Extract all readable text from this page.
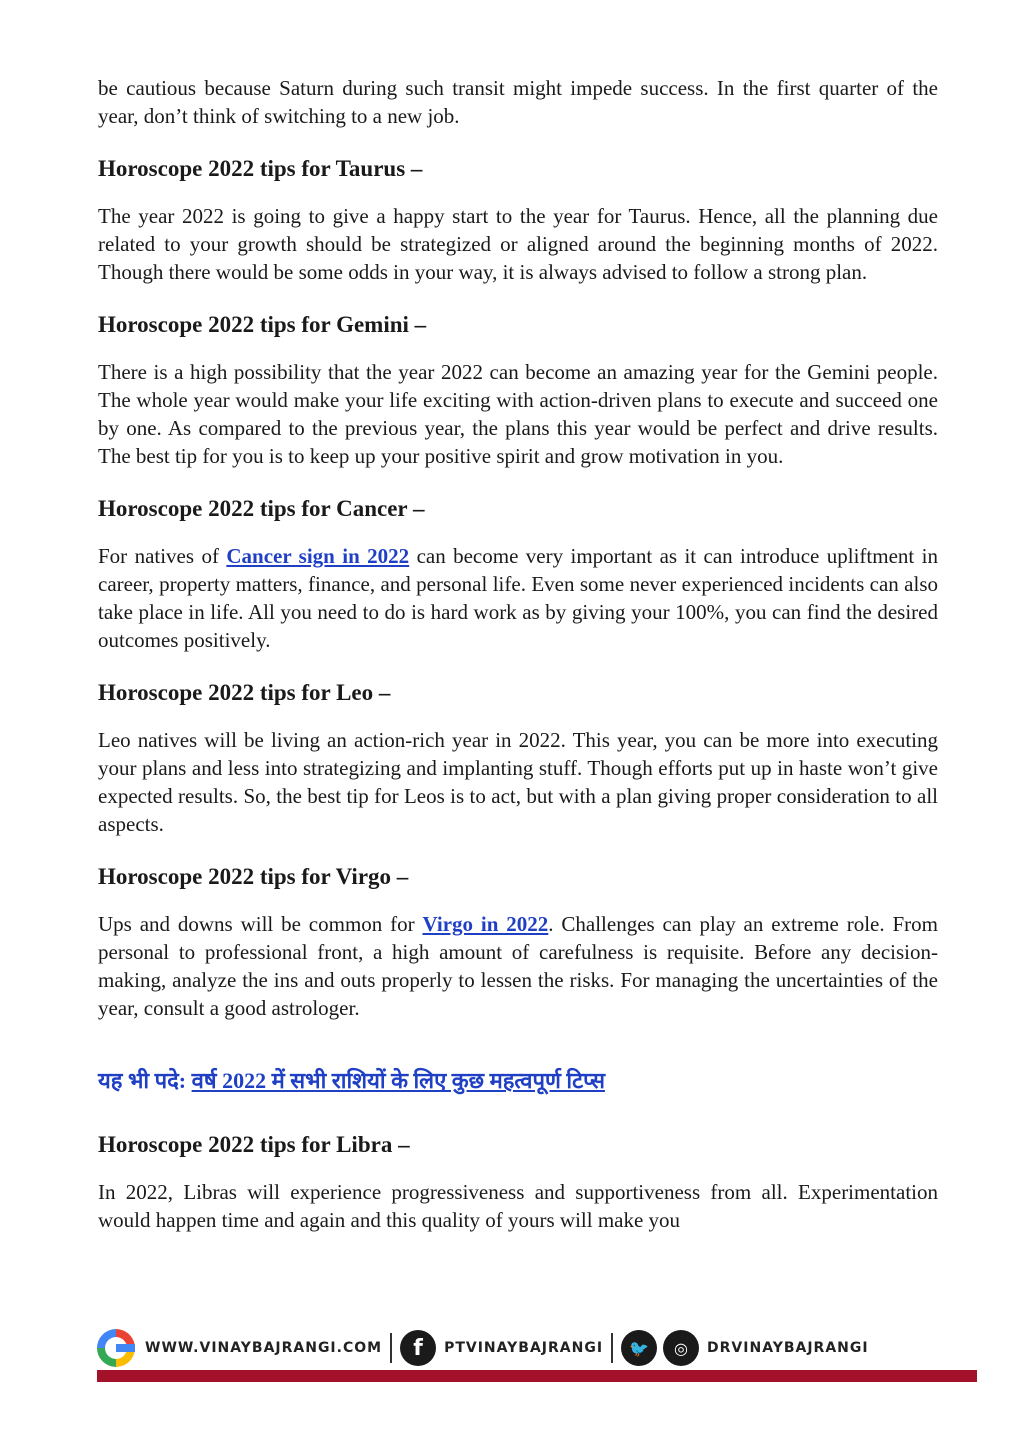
be cautious because Saturn during such transit might impede success. In the first quarter of the year, don’t think of switching to a new job.

Horoscope 2022 tips for Taurus –

The year 2022 is going to give a happy start to the year for Taurus. Hence, all the planning due related to your growth should be strategized or aligned around the beginning months of 2022. Though there would be some odds in your way, it is always advised to follow a strong plan.

Horoscope 2022 tips for Gemini –

There is a high possibility that the year 2022 can become an amazing year for the Gemini people. The whole year would make your life exciting with action-driven plans to execute and succeed one by one. As compared to the previous year, the plans this year would be perfect and drive results. The best tip for you is to keep up your positive spirit and grow motivation in you.

Horoscope 2022 tips for Cancer –

For natives of Cancer sign in 2022 can become very important as it can introduce upliftment in career, property matters, finance, and personal life. Even some never experienced incidents can also take place in life. All you need to do is hard work as by giving your 100%, you can find the desired outcomes positively.

Horoscope 2022 tips for Leo –

Leo natives will be living an action-rich year in 2022. This year, you can be more into executing your plans and less into strategizing and implanting stuff. Though efforts put up in haste won’t give expected results. So, the best tip for Leos is to act, but with a plan giving proper consideration to all aspects.

Horoscope 2022 tips for Virgo –

Ups and downs will be common for Virgo in 2022. Challenges can play an extreme role. From personal to professional front, a high amount of carefulness is requisite. Before any decision-making, analyze the ins and outs properly to lessen the risks. For managing the uncertainties of the year, consult a good astrologer.

यह भी पदे: वर्ष 2022 में सभी राशियों के लिए कुछ महत्वपूर्ण टिप्स

Horoscope 2022 tips for Libra –

In 2022, Libras will experience progressiveness and supportiveness from all. Experimentation would happen time and again and this quality of yours will make you

WWW.VINAYBAJRANGI.COM	f	PTVINAYBAJRANGI	🐦	◎	DRVINAYBAJRANGI
